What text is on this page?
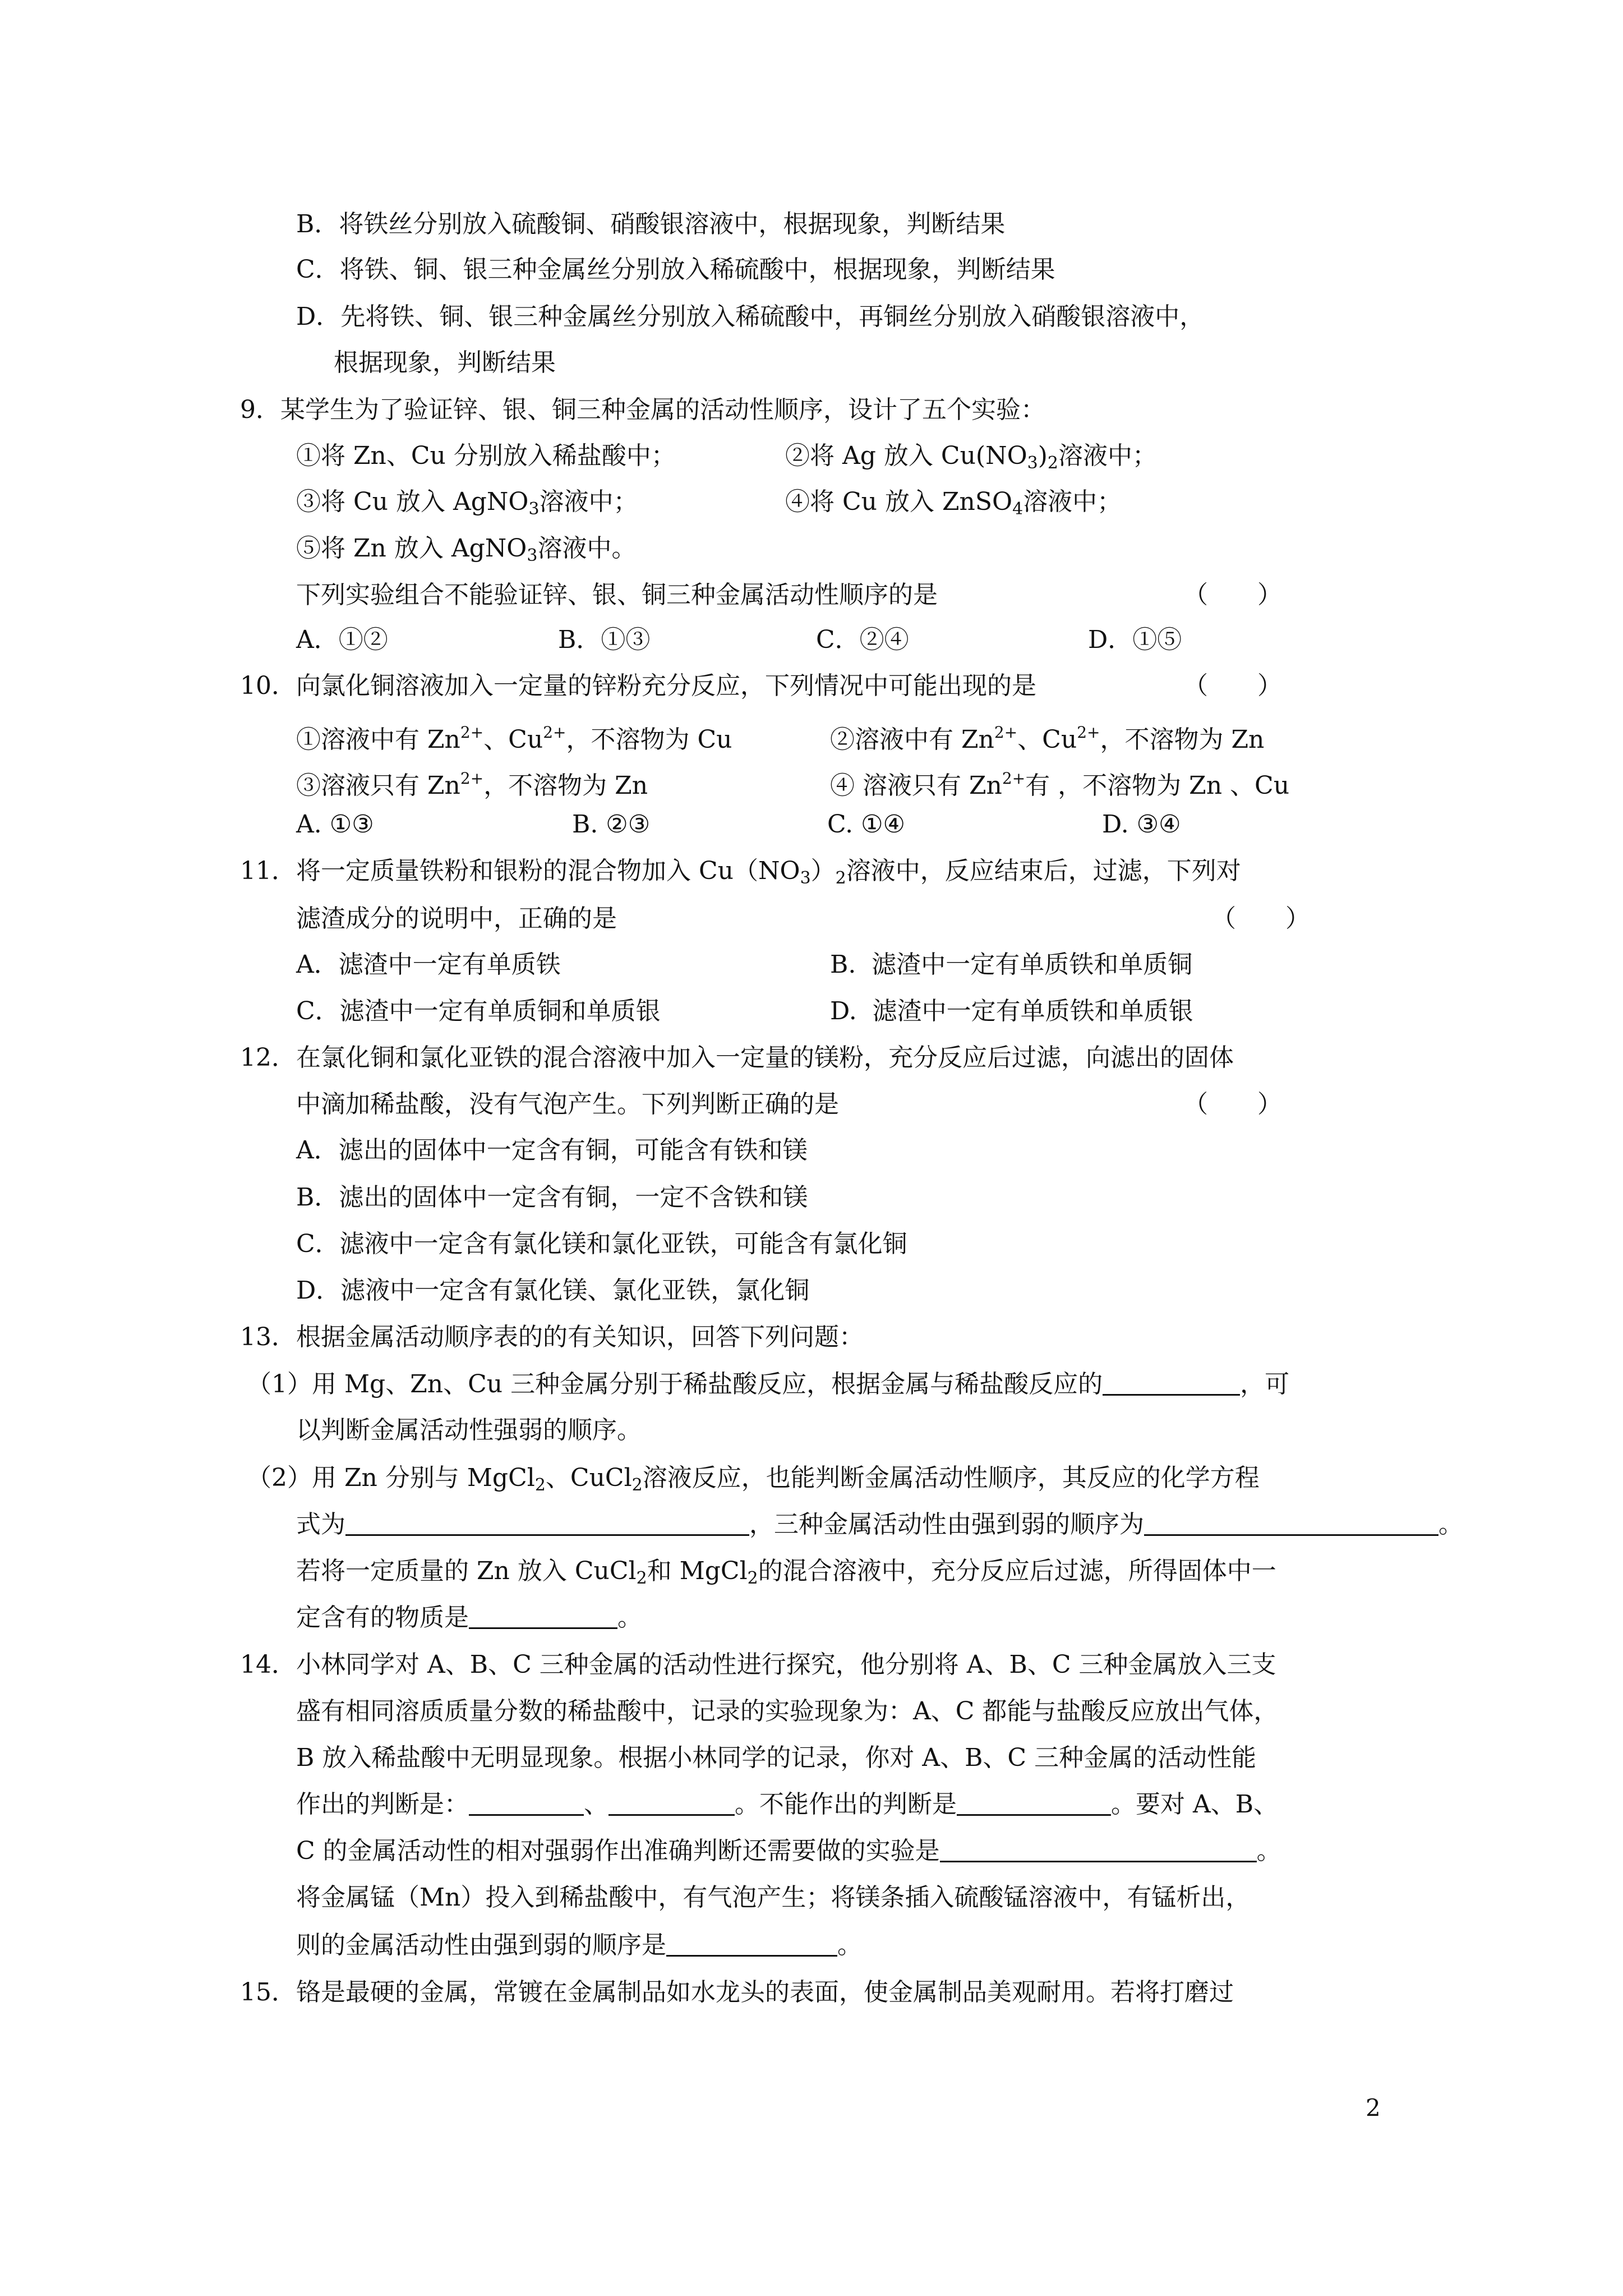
B．将铁丝分别放入硫酸铜、硝酸银溶液中，根据现象，判断结果
C．将铁、铜、银三种金属丝分别放入稀硫酸中，根据现象，判断结果
D．先将铁、铜、银三种金属丝分别放入稀硫酸中，再铜丝分别放入硝酸银溶液中，
根据现象，判断结果
9．某学生为了验证锌、银、铜三种金属的活动性顺序，设计了五个实验：
①将 Zn、Cu 分别放入稀盐酸中；	②将 Ag 放入 $Cu(NO_3)_2$溶液中；
③将 Cu 放入 AgNO$_3$溶液中；	④将 Cu 放入 ZnSO$_4$溶液中；
⑤将 Zn 放入 AgNO$_3$溶液中。
下列实验组合不能验证锌、银、铜三种金属活动性顺序的是	（　　）
A．①②	B．①③	C．②④	D．①⑤
10．向氯化铜溶液加入一定量的锌粉充分反应，下列情况中可能出现的是	（　　）
①溶液中有 $Zn^{2+}$、$Cu^{2+}$，不溶物为 Cu	②溶液中有 $Zn^{2+}$、$Cu^{2+}$，不溶物为 Zn
③溶液只有 $Zn^{2+}$，不溶物为 Zn	④ 溶液只有 $Zn^{2+}$有 ，不溶物为 Zn 、Cu
A. ①③	B. ②③	C. ①④	D. ③④
11．将一定质量铁粉和银粉的混合物加入 $Cu(NO_3)_2$溶液中，反应结束后，过滤，下列对
滤渣成分的说明中，正确的是	（　　）
A．滤渣中一定有单质铁	B.  滤渣中一定有单质铁和单质铜
C．滤渣中一定有单质铜和单质银	D.  滤渣中一定有单质铁和单质银
12．在氯化铜和氯化亚铁的混合溶液中加入一定量的镁粉，充分反应后过滤，向滤出的固体
中滴加稀盐酸，没有气泡产生。下列判断正确的是	（　　）
A．滤出的固体中一定含有铜，可能含有铁和镁
B．滤出的固体中一定含有铜，一定不含铁和镁
C．滤液中一定含有氯化镁和氯化亚铁，可能含有氯化铜
D．滤液中一定含有氯化镁、氯化亚铁，氯化铜
13．根据金属活动顺序表的的有关知识，回答下列问题：
（1）用 Mg、Zn、Cu 三种金属分别于稀盐酸反应，根据金属与稀盐酸反应的	，可
以判断金属活动性强弱的顺序。
（2）用 Zn 分别与 MgCl$_2$、CuCl$_2$溶液反应，也能判断金属活动性顺序，其反应的化学方程
式为	，三种金属活动性由强到弱的顺序为	。
若将一定质量的 Zn 放入 CuCl$_2$和 MgCl$_2$的混合溶液中，充分反应后过滤，所得固体中一
定含有的物质是	。
14．小林同学对 A、B、C 三种金属的活动性进行探究，他分别将 A、B、C 三种金属放入三支
盛有相同溶质质量分数的稀盐酸中，记录的实验现象为：A、C 都能与盐酸反应放出气体，
B 放入稀盐酸中无明显现象。根据小林同学的记录，你对 A、B、C 三种金属的活动性能
作出的判断是：	、	。不能作出的判断是	。要对 A、B、
C 的金属活动性的相对强弱作出准确判断还需要做的实验是	。
将金属锰（Mn）投入到稀盐酸中，有气泡产生；将镁条插入硫酸锰溶液中，有锰析出，
则的金属活动性由强到弱的顺序是	。
15．铬是最硬的金属，常镀在金属制品如水龙头的表面，使金属制品美观耐用。若将打磨过
2
